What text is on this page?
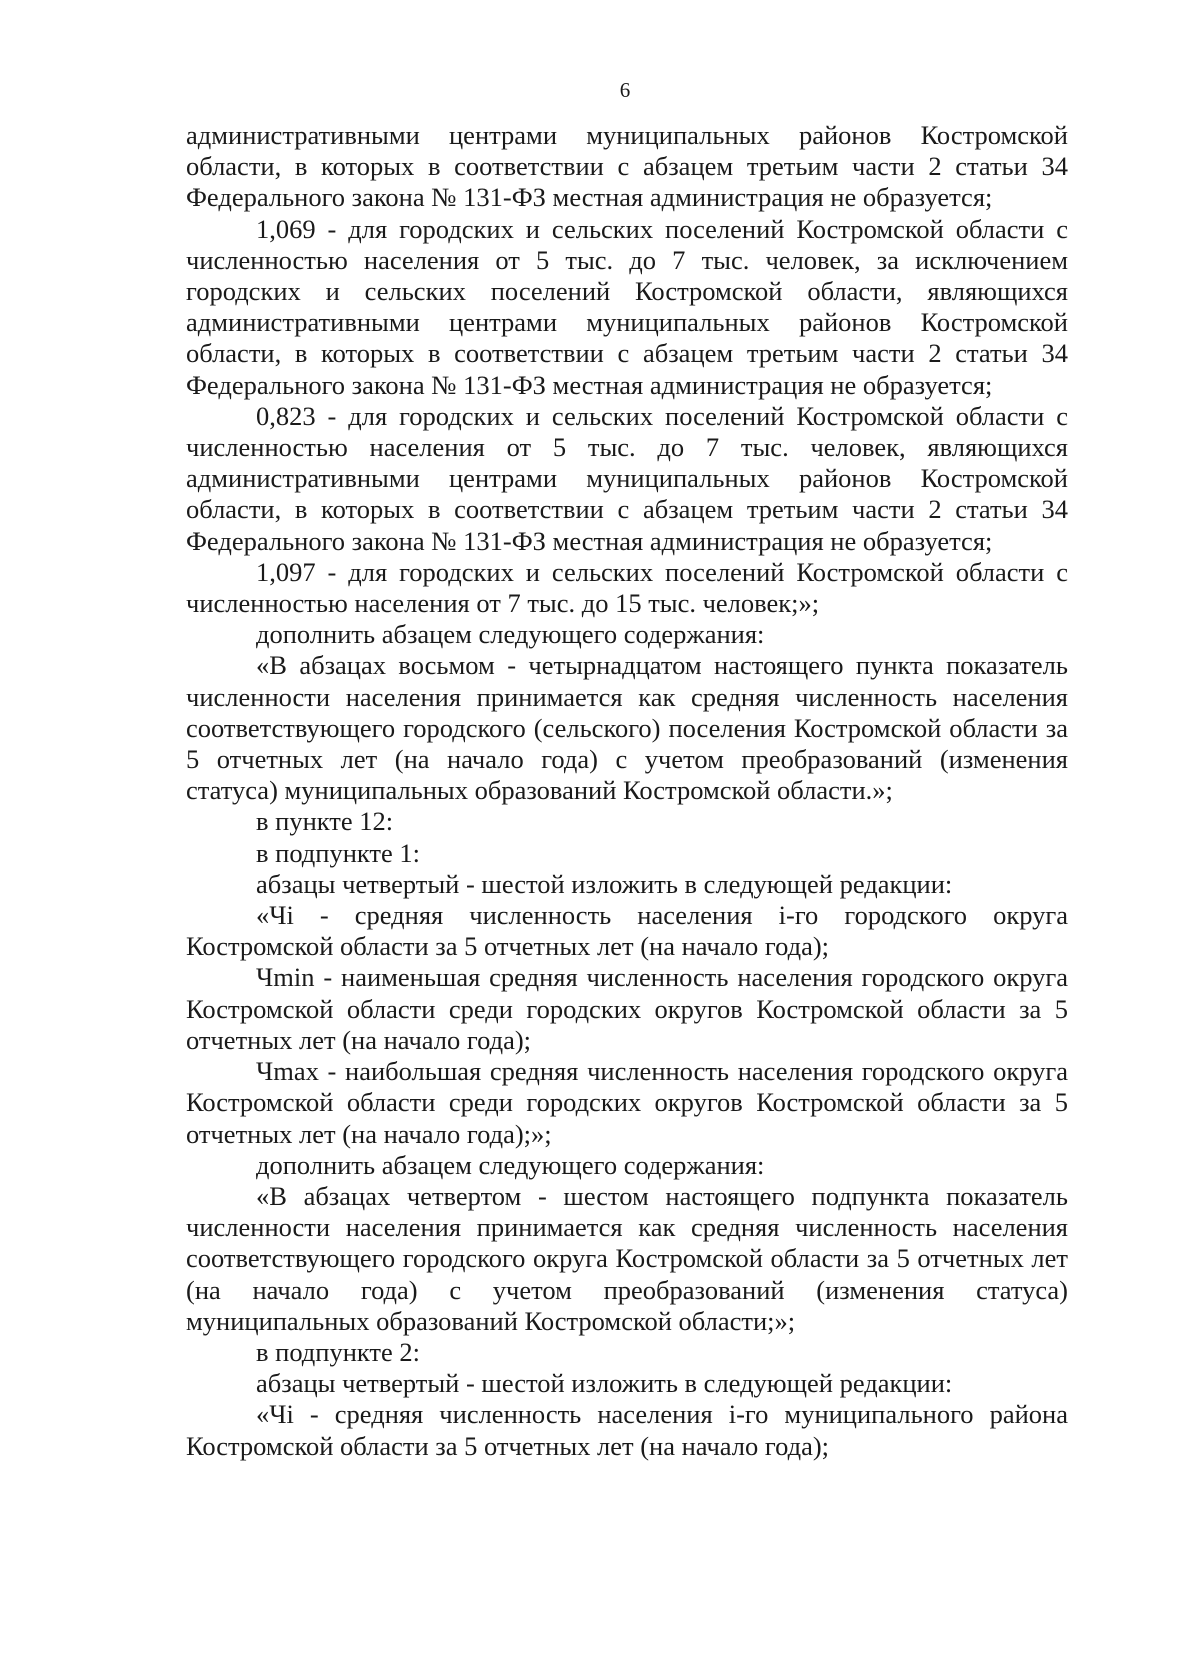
6

административными центрами муниципальных районов Костромской области, в которых в соответствии с абзацем третьим части 2 статьи 34 Федерального закона № 131-ФЗ местная администрация не образуется;

1,069 - для городских и сельских поселений Костромской области с численностью населения от 5 тыс. до 7 тыс. человек, за исключением городских и сельских поселений Костромской области, являющихся административными центрами муниципальных районов Костромской области, в которых в соответствии с абзацем третьим части 2 статьи 34 Федерального закона № 131-ФЗ местная администрация не образуется;

0,823 - для городских и сельских поселений Костромской области с численностью населения от 5 тыс. до 7 тыс. человек, являющихся административными центрами муниципальных районов Костромской области, в которых в соответствии с абзацем третьим части 2 статьи 34 Федерального закона № 131-ФЗ местная администрация не образуется;

1,097 - для городских и сельских поселений Костромской области с численностью населения от 7 тыс. до 15 тыс. человек;»;

дополнить абзацем следующего содержания:

«В абзацах восьмом - четырнадцатом настоящего пункта показатель численности населения принимается как средняя численность населения соответствующего городского (сельского) поселения Костромской области за 5 отчетных лет (на начало года) с учетом преобразований (изменения статуса) муниципальных образований Костромской области.»;

в пункте 12:

в подпункте 1:

абзацы четвертый - шестой изложить в следующей редакции:

«Чi - средняя численность населения i-го городского округа Костромской области за 5 отчетных лет (на начало года);

Чmin - наименьшая средняя численность населения городского округа Костромской области среди городских округов Костромской области за 5 отчетных лет (на начало года);

Чmax - наибольшая средняя численность населения городского округа Костромской области среди городских округов Костромской области за 5 отчетных лет (на начало года);»;

дополнить абзацем следующего содержания:

«В абзацах четвертом - шестом настоящего подпункта показатель численности населения принимается как средняя численность населения соответствующего городского округа Костромской области за 5 отчетных лет (на начало года) с учетом преобразований (изменения статуса) муниципальных образований Костромской области;»;

в подпункте 2:

абзацы четвертый - шестой изложить в следующей редакции:

«Чi - средняя численность населения i-го муниципального района Костромской области за 5 отчетных лет (на начало года);
